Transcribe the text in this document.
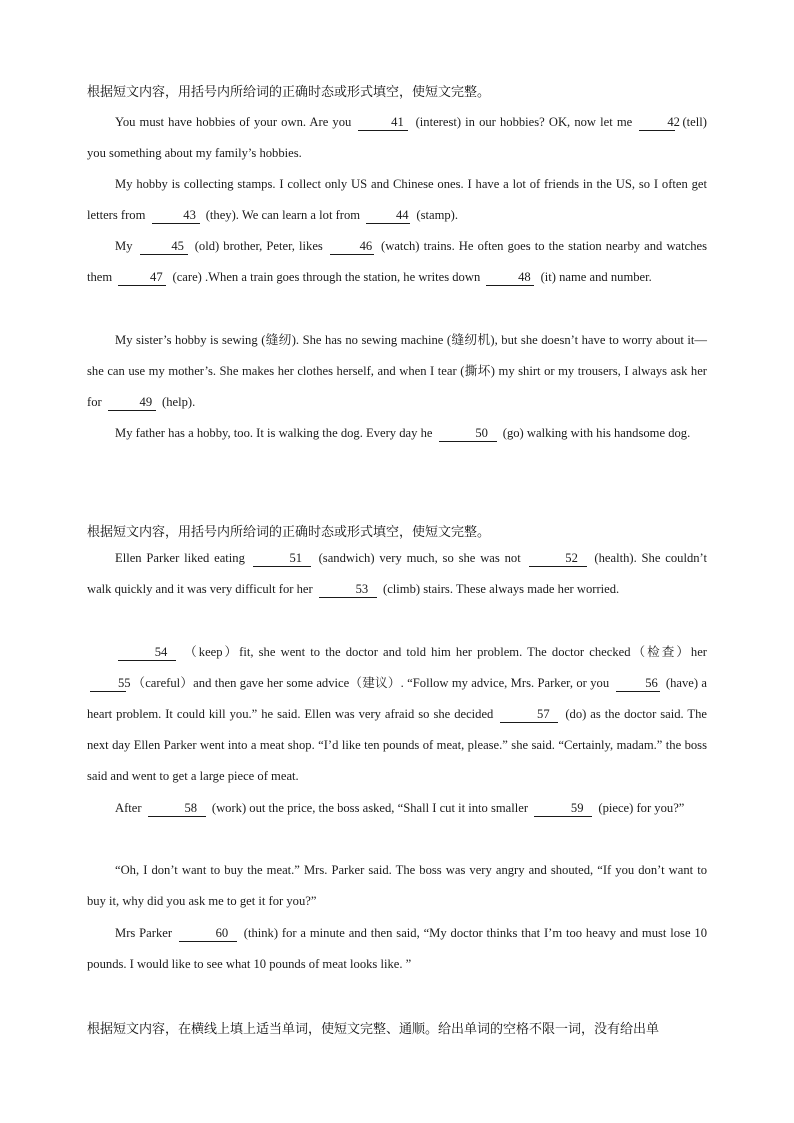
根据短文内容，用括号内所给词的正确时态或形式填空，使短文完整。

You must have hobbies of your own. Are you	41 (interest) in our hobbies? OK, now let me	42 (tell) you something about my family’s hobbies.

My hobby is collecting stamps. I collect only US and Chinese ones. I have a lot of friends in the US, so I often get letters from	43 (they). We can learn a lot from	44 (stamp).

My	45 (old) brother, Peter, likes	46 (watch) trains. He often goes to the station nearby and watches them	47 (care) .When a train goes through the station, he writes down	48 (it) name and number.

My sister’s hobby is sewing (缝纫). She has no sewing machine (缝纫机), but she doesn’t have to worry about it—she can use my mother’s. She makes her clothes herself, and when I tear (撕坏) my shirt or my trousers, I always ask her for	49 (help).

My father has a hobby, too. It is walking the dog. Every day he	50 (go) walking with his handsome dog.

根据短文内容，用括号内所给词的正确时态或形式填空，使短文完整。

Ellen Parker liked eating	51 (sandwich) very much, so she was not	52 (health). She couldn’t walk quickly and it was very difficult for her	53 (climb) stairs. These always made her worried.

54 （keep）fit, she went to the doctor and told him her problem. The doctor checked（检查）her 55 （careful）and then gave her some advice（建议）. “Follow my advice, Mrs. Parker, or you	56 (have) a heart problem. It could kill you.” he said. Ellen was very afraid so she decided	57 (do) as the doctor said. The next day Ellen Parker went into a meat shop. “I’d like ten pounds of meat, please.” she said. “Certainly, madam.” the boss said and went to get a large piece of meat.

After	58 (work) out the price, the boss asked, “Shall I cut it into smaller	59 (piece) for you?”

“Oh, I don’t want to buy the meat.” Mrs. Parker said. The boss was very angry and shouted, “If you don’t want to buy it, why did you ask me to get it for you?”

Mrs Parker	60 (think) for a minute and then said, “My doctor thinks that I’m too heavy and must lose 10 pounds. I would like to see what 10 pounds of meat looks like. ”

根据短文内容，在横线上填上适当单词，使短文完整、通顺。给出单词的空格不限一词，没有给出单
